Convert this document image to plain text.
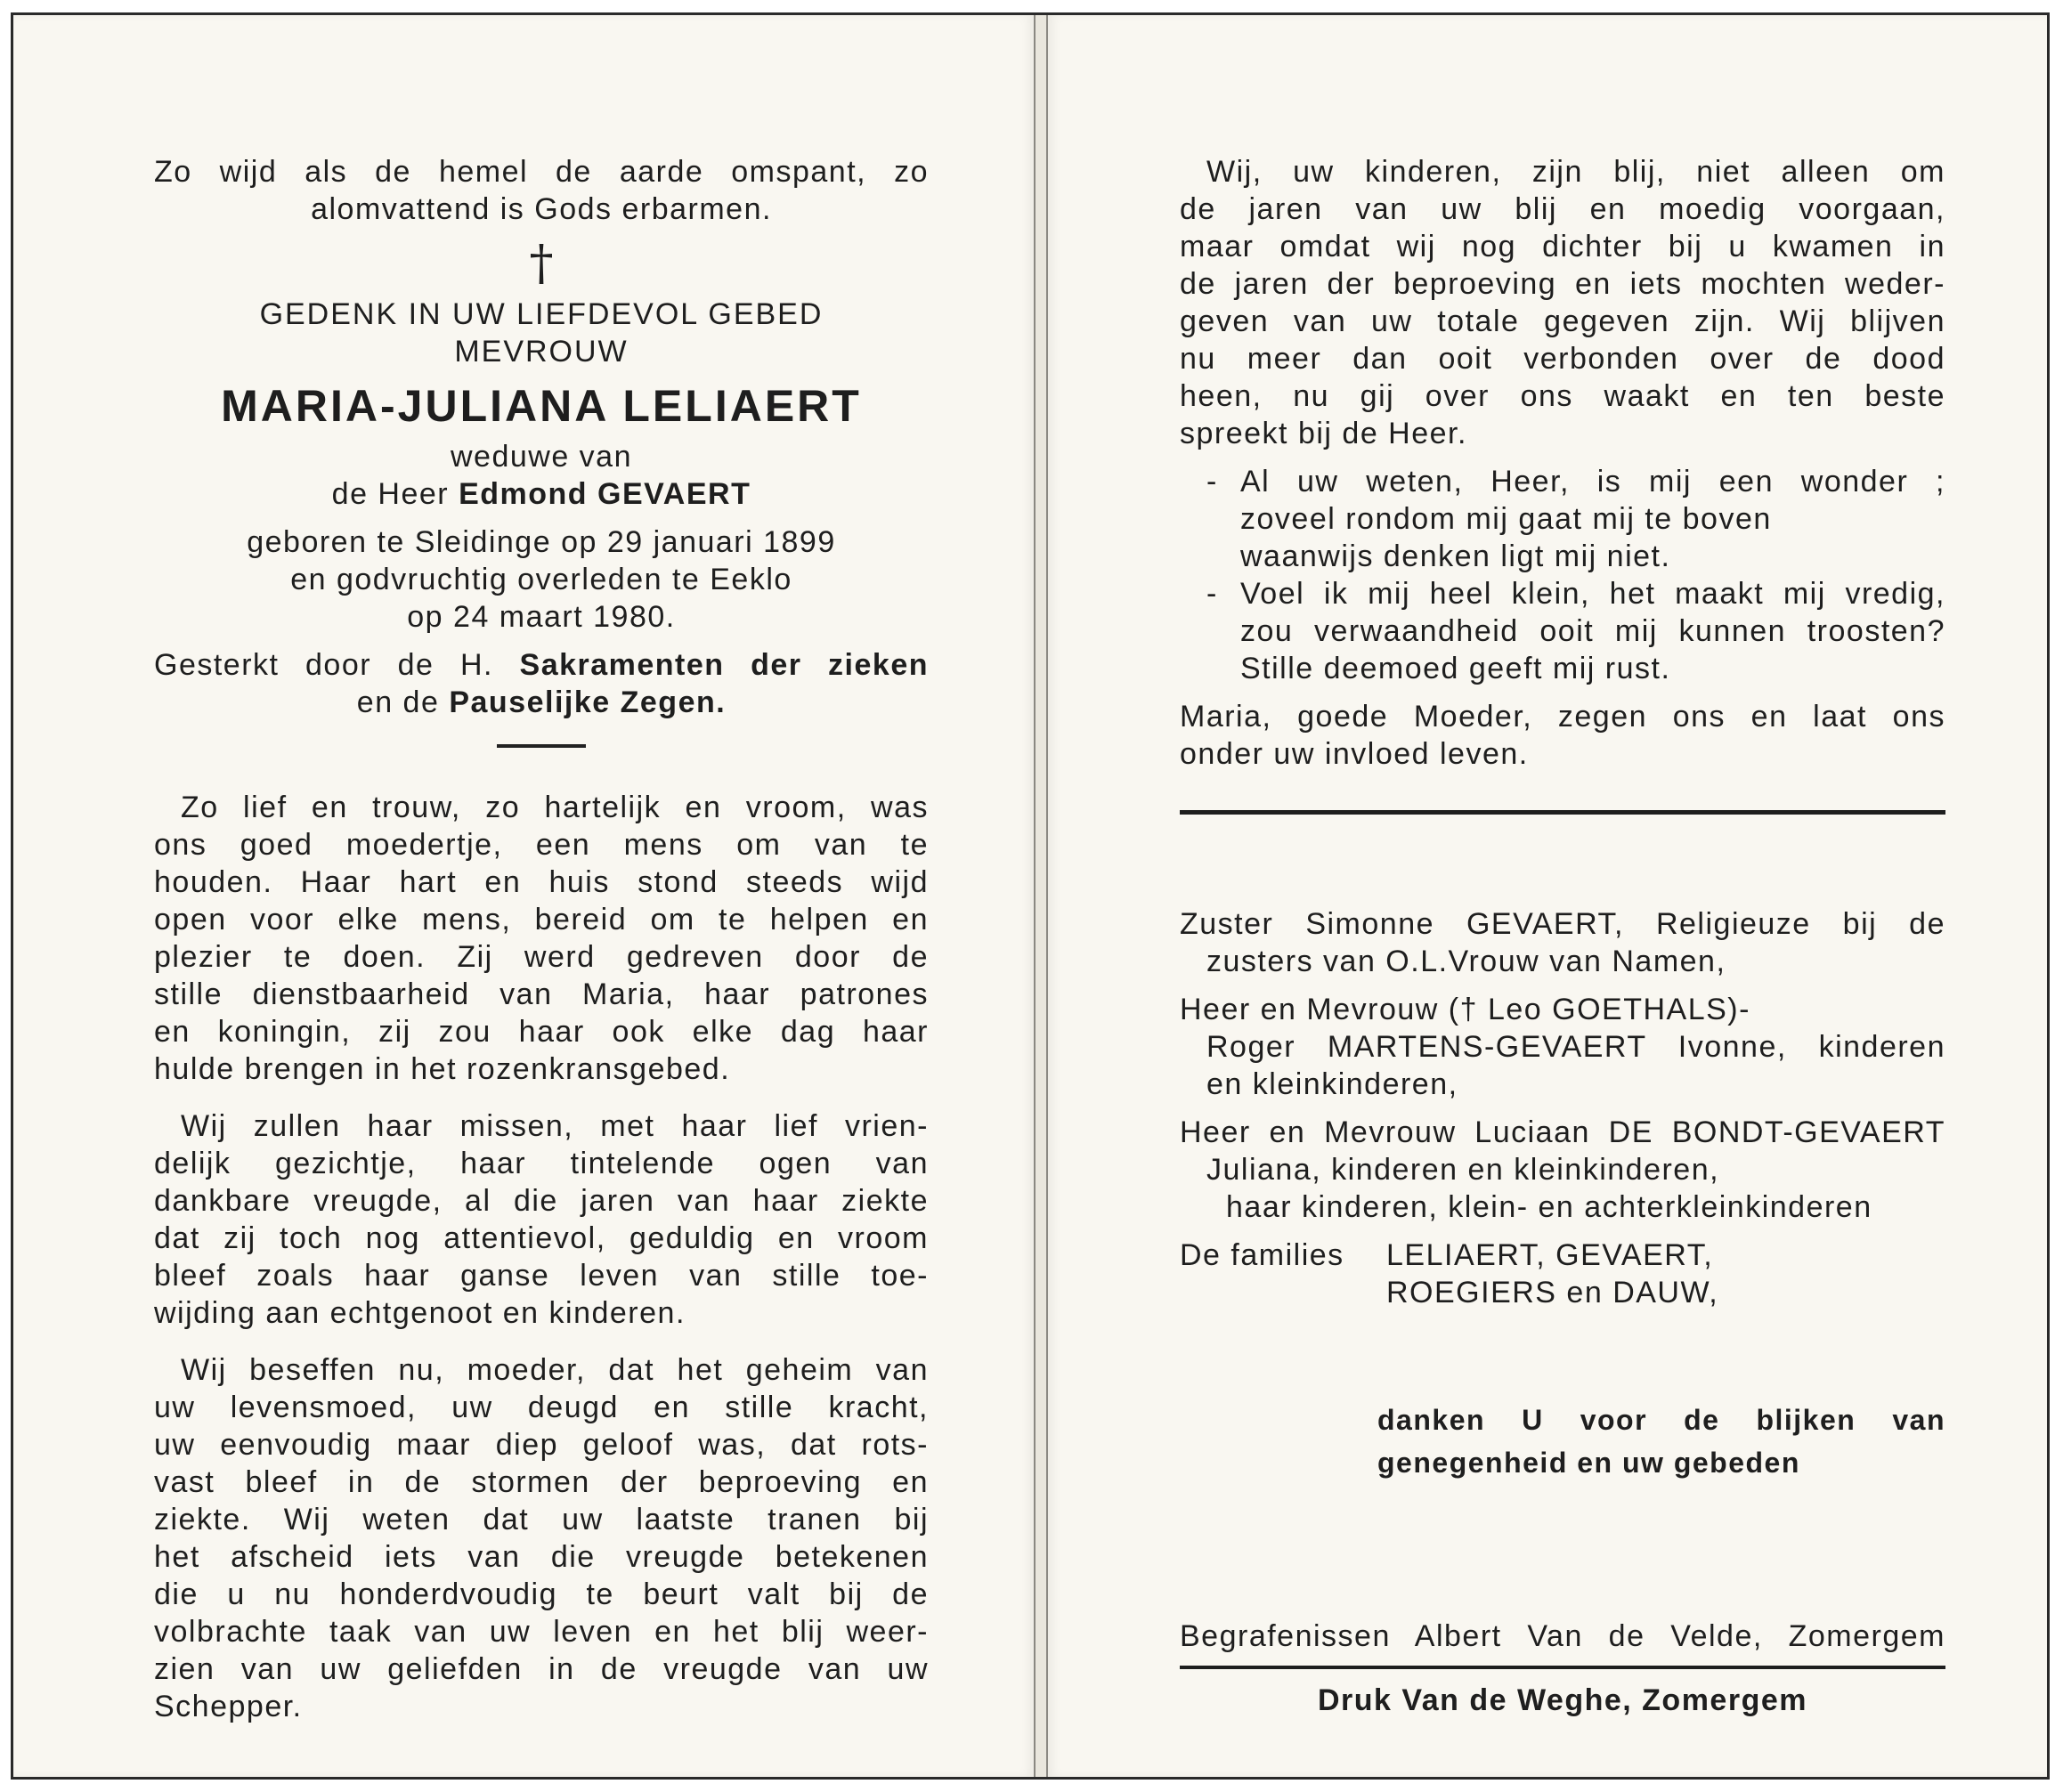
Zo wijd als de hemel de aarde omspant, zo

alomvattend is Gods erbarmen.

†

GEDENK IN UW LIEFDEVOL GEBED

MEVROUW

MARIA-JULIANA LELIAERT

weduwe van

de Heer Edmond GEVAERT

geboren te Sleidinge op 29 januari 1899

en godvruchtig overleden te Eeklo

op 24 maart 1980.

Gesterkt door de H. Sakramenten der zieken

en de Pauselijke Zegen.

Zo lief en trouw, zo hartelijk en vroom, was

ons goed moedertje, een mens om van te

houden. Haar hart en huis stond steeds wijd

open voor elke mens, bereid om te helpen en

plezier te doen. Zij werd gedreven door de

stille dienstbaarheid van Maria, haar patrones

en koningin, zij zou haar ook elke dag haar

hulde brengen in het rozenkransgebed.

Wij zullen haar missen, met haar lief vrien-

delijk gezichtje, haar tintelende ogen van

dankbare vreugde, al die jaren van haar ziekte

dat zij toch nog attentievol, geduldig en vroom

bleef zoals haar ganse leven van stille toe-

wijding aan echtgenoot en kinderen.

Wij beseffen nu, moeder, dat het geheim van

uw levensmoed, uw deugd en stille kracht,

uw eenvoudig maar diep geloof was, dat rots-

vast bleef in de stormen der beproeving en

ziekte. Wij weten dat uw laatste tranen bij

het afscheid iets van die vreugde betekenen

die u nu honderdvoudig te beurt valt bij de

volbrachte taak van uw leven en het blij weer-

zien van uw geliefden in de vreugde van uw

Schepper.

Wij, uw kinderen, zijn blij, niet alleen om

de jaren van uw blij en moedig voorgaan,

maar omdat wij nog dichter bij u kwamen in

de jaren der beproeving en iets mochten weder-

geven van uw totale gegeven zijn. Wij blijven

nu meer dan ooit verbonden over de dood

heen, nu gij over ons waakt en ten beste

spreekt bij de Heer.

- Al uw weten, Heer, is mij een wonder ;

zoveel rondom mij gaat mij te boven

waanwijs denken ligt mij niet.

- Voel ik mij heel klein, het maakt mij vredig,

zou verwaandheid ooit mij kunnen troosten?

Stille deemoed geeft mij rust.

Maria, goede Moeder, zegen ons en laat ons

onder uw invloed leven.

Zuster Simonne GEVAERT, Religieuze bij de

zusters van O.L.Vrouw van Namen,

Heer en Mevrouw († Leo GOETHALS)-

Roger MARTENS-GEVAERT Ivonne, kinderen

en kleinkinderen,

Heer en Mevrouw Luciaan DE BONDT-GEVAERT

Juliana, kinderen en kleinkinderen,

haar kinderen, klein- en achterkleinkinderen

De families	LELIAERT, GEVAERT,

ROEGIERS en DAUW,

danken U voor de blijken van

genegenheid en uw gebeden

Begrafenissen Albert Van de Velde, Zomergem

Druk Van de Weghe, Zomergem
